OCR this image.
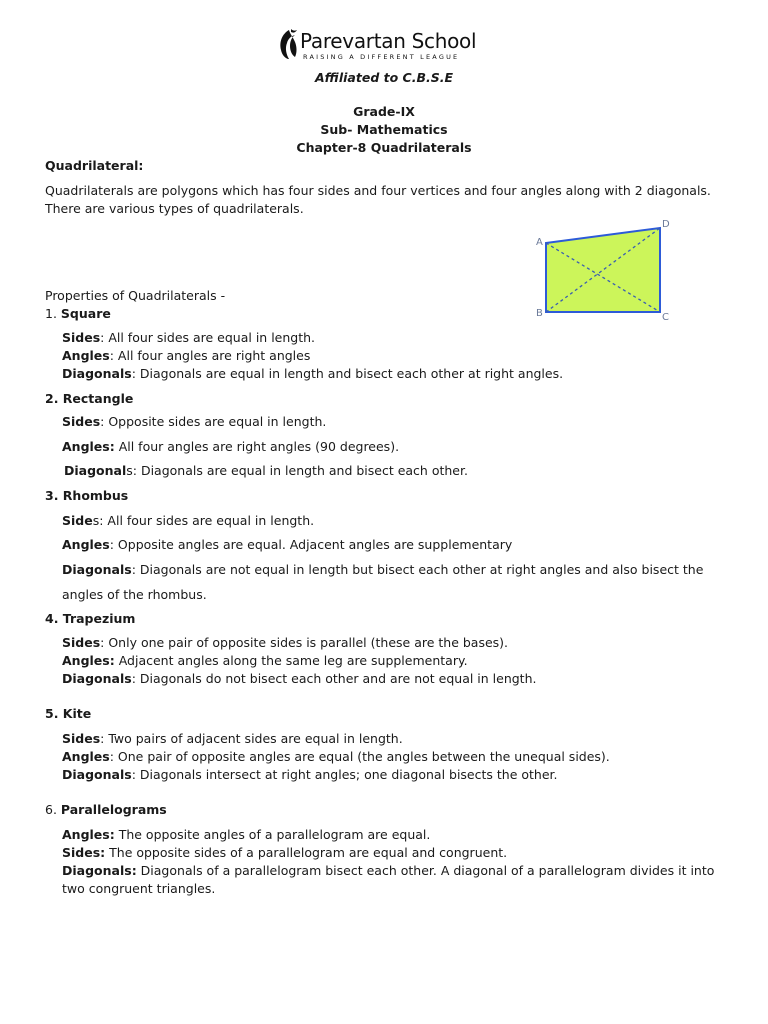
Parevartan School
RAISING A DIFFERENT LEAGUE
Affiliated to C.B.S.E
Grade-IX
Sub- Mathematics
Chapter-8 Quadrilaterals
Quadrilateral:
Quadrilaterals are polygons which has four sides and four vertices and four angles along with 2 diagonals.
There are various types of quadrilaterals.
A
B	C
D
Properties of Quadrilaterals -
1. Square
Sides: All four sides are equal in length.
Angles: All four angles are right angles
Diagonals: Diagonals are equal in length and bisect each other at right angles.
2. Rectangle
Sides: Opposite sides are equal in length.
Angles: All four angles are right angles (90 degrees).
Diagonals: Diagonals are equal in length and bisect each other.
3. Rhombus
Sides: All four sides are equal in length.
Angles: Opposite angles are equal. Adjacent angles are supplementary
Diagonals: Diagonals are not equal in length but bisect each other at right angles and also bisect the
angles of the rhombus.
4. Trapezium
Sides: Only one pair of opposite sides is parallel (these are the bases).
Angles: Adjacent angles along the same leg are supplementary.
Diagonals: Diagonals do not bisect each other and are not equal in length.
5. Kite
Sides: Two pairs of adjacent sides are equal in length.
Angles: One pair of opposite angles are equal (the angles between the unequal sides).
Diagonals: Diagonals intersect at right angles; one diagonal bisects the other.
6. Parallelograms
Angles: The opposite angles of a parallelogram are equal.
Sides: The opposite sides of a parallelogram are equal and congruent.
Diagonals: Diagonals of a parallelogram bisect each other. A diagonal of a parallelogram divides it into
two congruent triangles.
